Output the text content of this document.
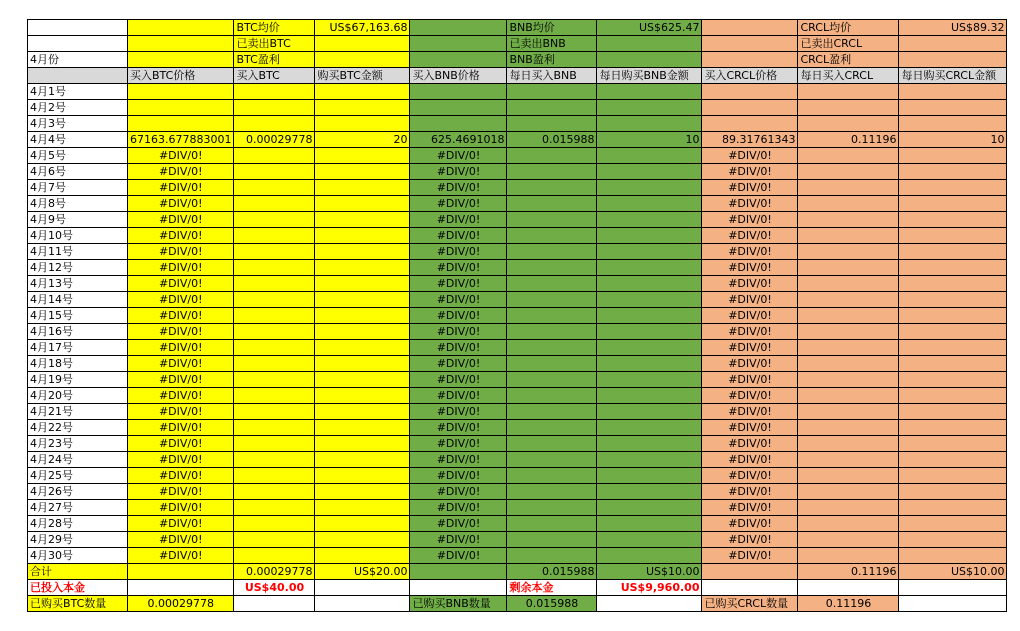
		BTC均价	US$67,163.68		BNB均价	US$625.47		CRCL均价	US$89.32
		已卖出BTC			已卖出BNB			已卖出CRCL	
4月份		BTC盈利			BNB盈利			CRCL盈利	
	买入BTC价格	买入BTC	购买BTC金额	买入BNB价格	每日买入BNB	每日购买BNB金额	买入CRCL价格	每日买入CRCL	每日购买CRCL金额
4月1号									
4月2号									
4月3号									
4月4号	67163.677883001	0.00029778	20	625.4691018	0.015988	10	89.31761343	0.11196	10
4月5号	#DIV/0!			#DIV/0!			#DIV/0!		
4月6号	#DIV/0!			#DIV/0!			#DIV/0!		
4月7号	#DIV/0!			#DIV/0!			#DIV/0!		
4月8号	#DIV/0!			#DIV/0!			#DIV/0!		
4月9号	#DIV/0!			#DIV/0!			#DIV/0!		
4月10号	#DIV/0!			#DIV/0!			#DIV/0!		
4月11号	#DIV/0!			#DIV/0!			#DIV/0!		
4月12号	#DIV/0!			#DIV/0!			#DIV/0!		
4月13号	#DIV/0!			#DIV/0!			#DIV/0!		
4月14号	#DIV/0!			#DIV/0!			#DIV/0!		
4月15号	#DIV/0!			#DIV/0!			#DIV/0!		
4月16号	#DIV/0!			#DIV/0!			#DIV/0!		
4月17号	#DIV/0!			#DIV/0!			#DIV/0!		
4月18号	#DIV/0!			#DIV/0!			#DIV/0!		
4月19号	#DIV/0!			#DIV/0!			#DIV/0!		
4月20号	#DIV/0!			#DIV/0!			#DIV/0!		
4月21号	#DIV/0!			#DIV/0!			#DIV/0!		
4月22号	#DIV/0!			#DIV/0!			#DIV/0!		
4月23号	#DIV/0!			#DIV/0!			#DIV/0!		
4月24号	#DIV/0!			#DIV/0!			#DIV/0!		
4月25号	#DIV/0!			#DIV/0!			#DIV/0!		
4月26号	#DIV/0!			#DIV/0!			#DIV/0!		
4月27号	#DIV/0!			#DIV/0!			#DIV/0!		
4月28号	#DIV/0!			#DIV/0!			#DIV/0!		
4月29号	#DIV/0!			#DIV/0!			#DIV/0!		
4月30号	#DIV/0!			#DIV/0!			#DIV/0!		
合计		0.00029778	US$20.00		0.015988	US$10.00		0.11196	US$10.00
已投入本金		US$40.00			剩余本金	US$9,960.00			
已购买BTC数量	0.00029778			已购买BNB数量	0.015988		已购买CRCL数量	0.11196	
